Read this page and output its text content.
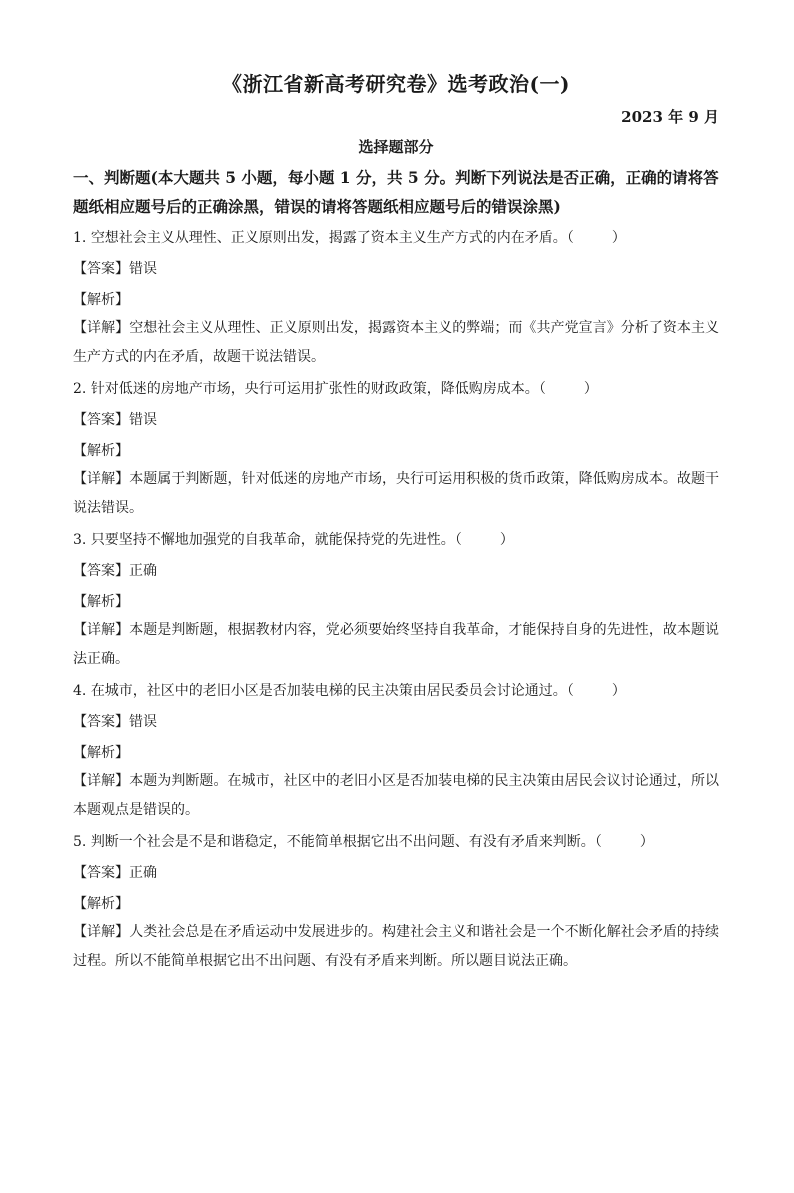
《浙江省新高考研究卷》选考政治(一)
2023 年 9 月
选择题部分
一、判断题(本大题共 5 小题，每小题 1 分，共 5 分。判断下列说法是否正确，正确的请将答题纸相应题号后的正确涂黑，错误的请将答题纸相应题号后的错误涂黑)
1. 空想社会主义从理性、正义原则出发，揭露了资本主义生产方式的内在矛盾。（	）
【答案】错误
【解析】
【详解】空想社会主义从理性、正义原则出发，揭露资本主义的弊端；而《共产党宣言》分析了资本主义生产方式的内在矛盾，故题干说法错误。
2. 针对低迷的房地产市场，央行可运用扩张性的财政政策，降低购房成本。（	）
【答案】错误
【解析】
【详解】本题属于判断题，针对低迷的房地产市场，央行可运用积极的货币政策，降低购房成本。故题干说法错误。
3. 只要坚持不懈地加强党的自我革命，就能保持党的先进性。（	）
【答案】正确
【解析】
【详解】本题是判断题，根据教材内容，党必须要始终坚持自我革命，才能保持自身的先进性，故本题说法正确。
4. 在城市，社区中的老旧小区是否加装电梯的民主决策由居民委员会讨论通过。（	）
【答案】错误
【解析】
【详解】本题为判断题。在城市，社区中的老旧小区是否加装电梯的民主决策由居民会议讨论通过，所以本题观点是错误的。
5. 判断一个社会是不是和谐稳定，不能简单根据它出不出问题、有没有矛盾来判断。（	）
【答案】正确
【解析】
【详解】人类社会总是在矛盾运动中发展进步的。构建社会主义和谐社会是一个不断化解社会矛盾的持续过程。所以不能简单根据它出不出问题、有没有矛盾来判断。所以题目说法正确。
